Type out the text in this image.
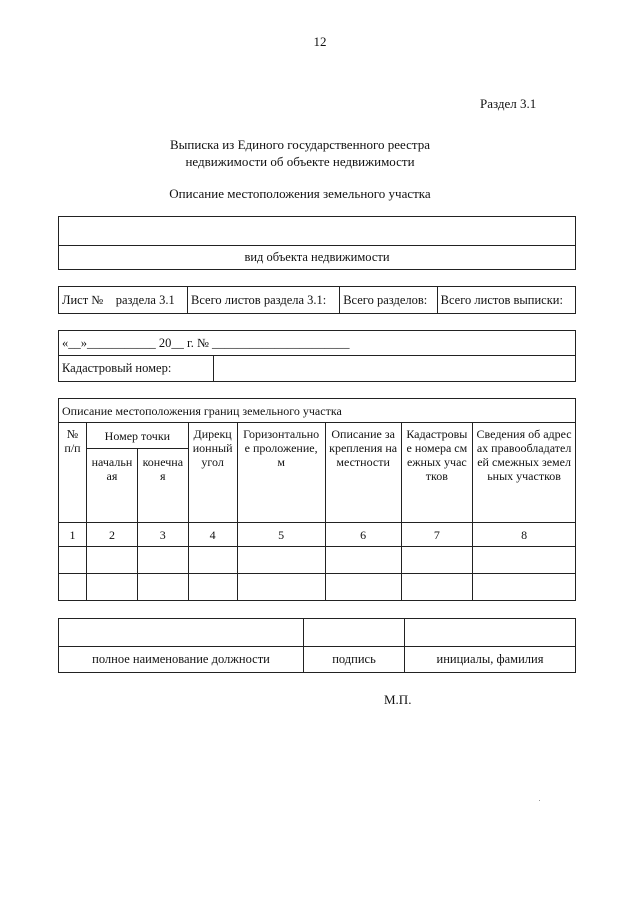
12
Раздел 3.1
Выписка из Единого государственного реестра
недвижимости об объекте недвижимости
Описание местоположения земельного участка

вид объекта недвижимости
Лист № раздела 3.1	Всего листов раздела 3.1:	Всего разделов:	Всего листов выписки:
«__»___________ 20__ г. № ______________________
Кадастровый номер:	
Описание местоположения границ земельного участка							
№ п/п	Номер точки		Дирекционный угол	Горизонтальное проложение, м	Описание закрепления на местности	Кадастровые номера смежных участков	Сведения об адресах правообладателей смежных земельных участков
	начальная	конечная					
1	2	3	4	5	6	7	8

полное наименование должности	подпись	инициалы, фамилия
М.П.
